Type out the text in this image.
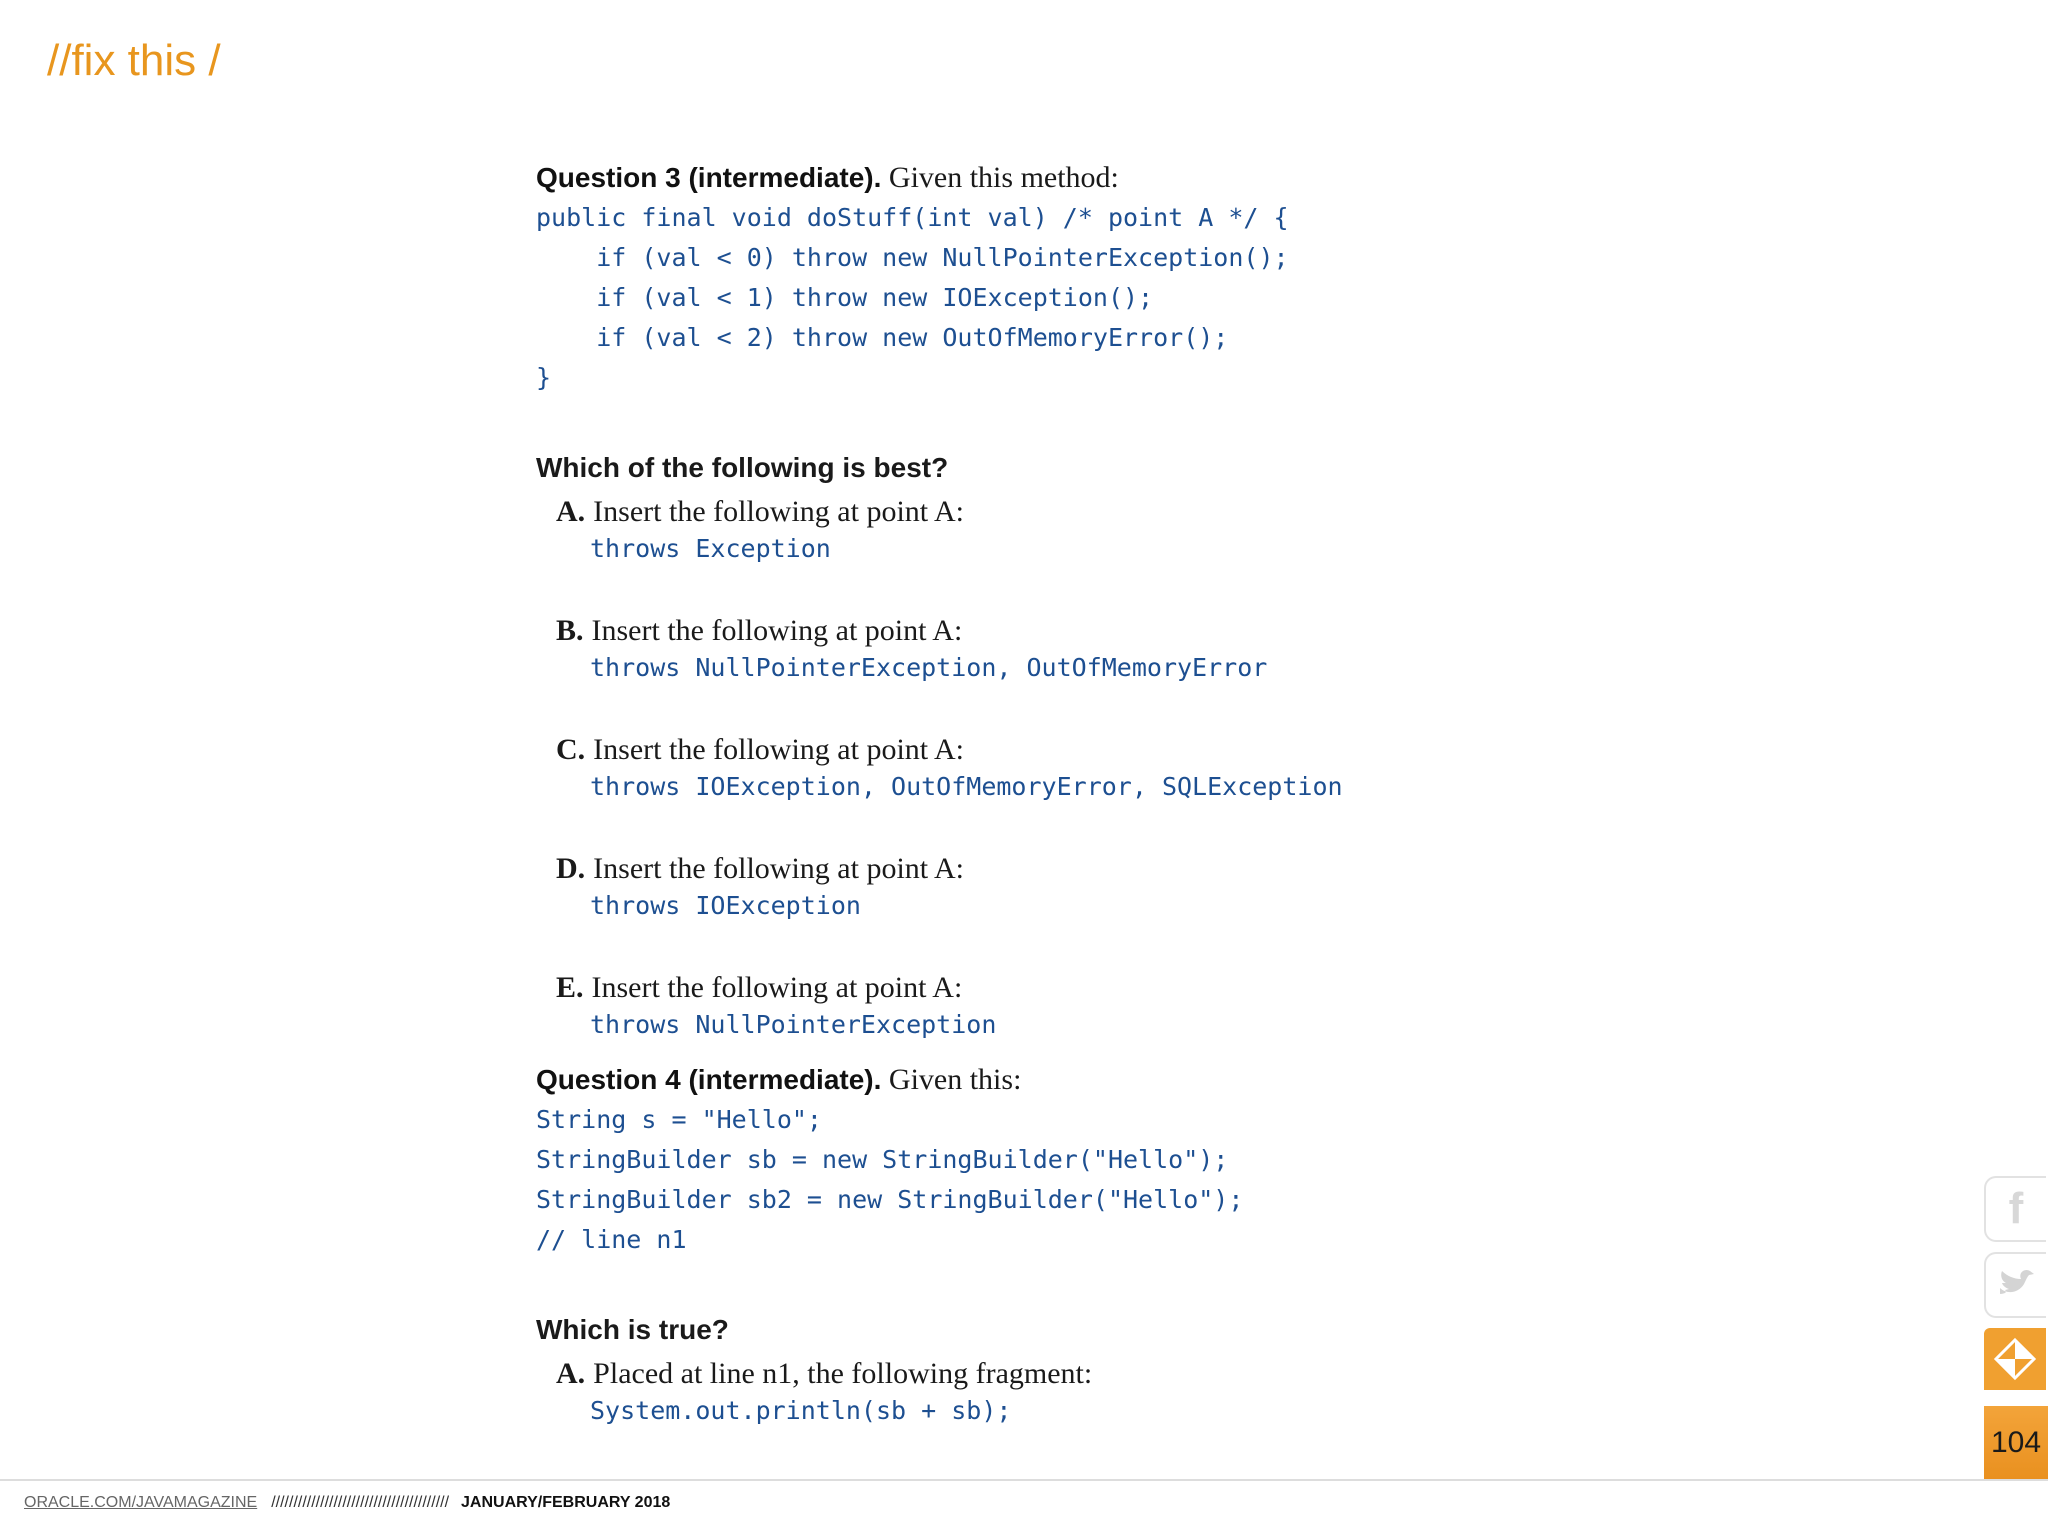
//fix this /

Question 3 (intermediate). Given this method:

public final void doStuff(int val) /* point A */ {
if (val < 0) throw new NullPointerException();
if (val < 1) throw new IOException();
if (val < 2) throw new OutOfMemoryError();
}
Which of the following is best?
A. Insert the following at point A:
throws Exception
B. Insert the following at point A:
throws NullPointerException, OutOfMemoryError
C. Insert the following at point A:
throws IOException, OutOfMemoryError, SQLException
D. Insert the following at point A:
throws IOException
E. Insert the following at point A:
throws NullPointerException

Question 4 (intermediate). Given this:

String s = "Hello";
StringBuilder sb = new StringBuilder("Hello");
StringBuilder sb2 = new StringBuilder("Hello");
// line n1
Which is true?
A. Placed at line n1, the following fragment:
System.out.println(sb + sb);
f
104
ORACLE.COM/JAVAMAGAZINE //////////////////////////////////////// JANUARY/FEBRUARY 2018
